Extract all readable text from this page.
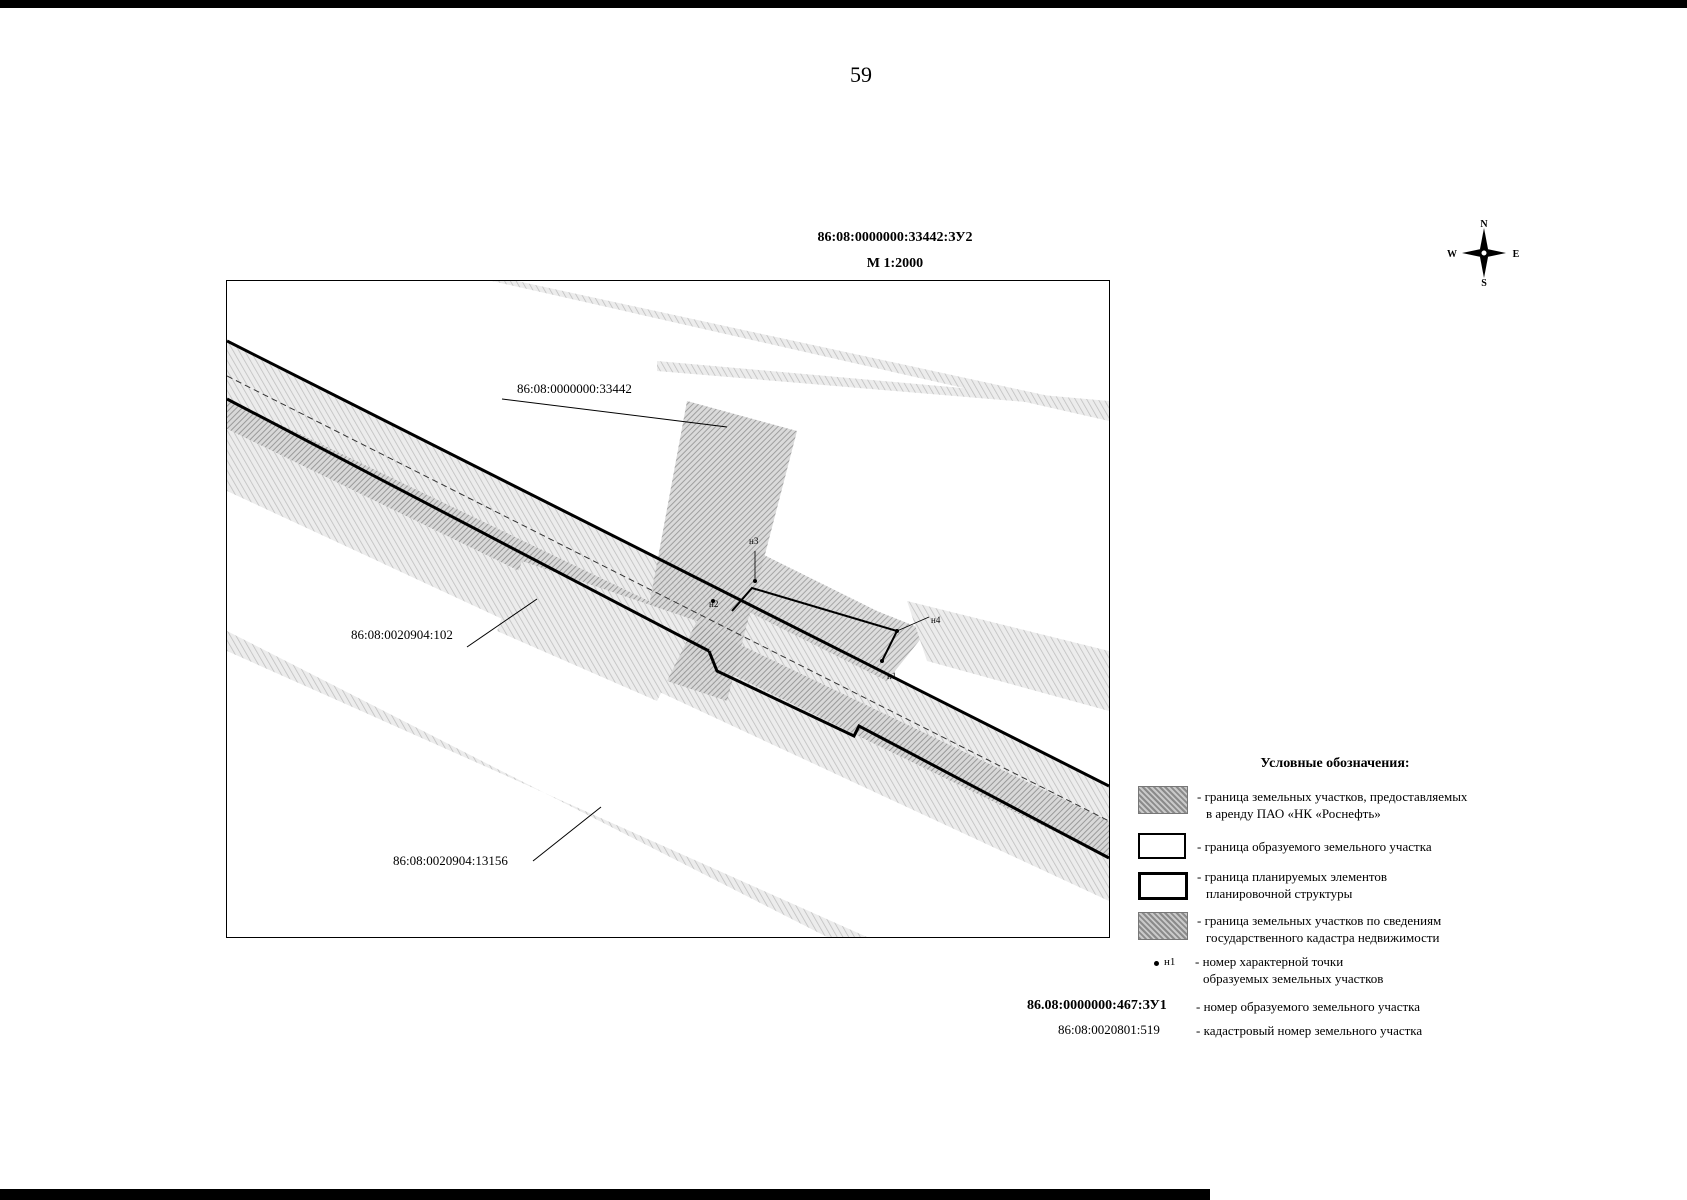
59
86:08:0000000:33442:ЗУ2
М 1:2000
N
S
W	E
н1
н2
н3
н4
86:08:0000000:33442
86:08:0020904:102
86:08:0020904:13156
Условные обозначения:
- граница земельных участков, предоставляемых
в аренду ПАО «НК «Роснефть»
- граница образуемого земельного участка
- граница планируемых элементов
планировочной структуры
- граница земельных участков по сведениям
государственного кадастра недвижимости
н1 - номер характерной точки
образуемых земельных участков
86.08:0000000:467:ЗУ1 - номер образуемого земельного участка
86:08:0020801:519	- кадастровый номер земельного участка
